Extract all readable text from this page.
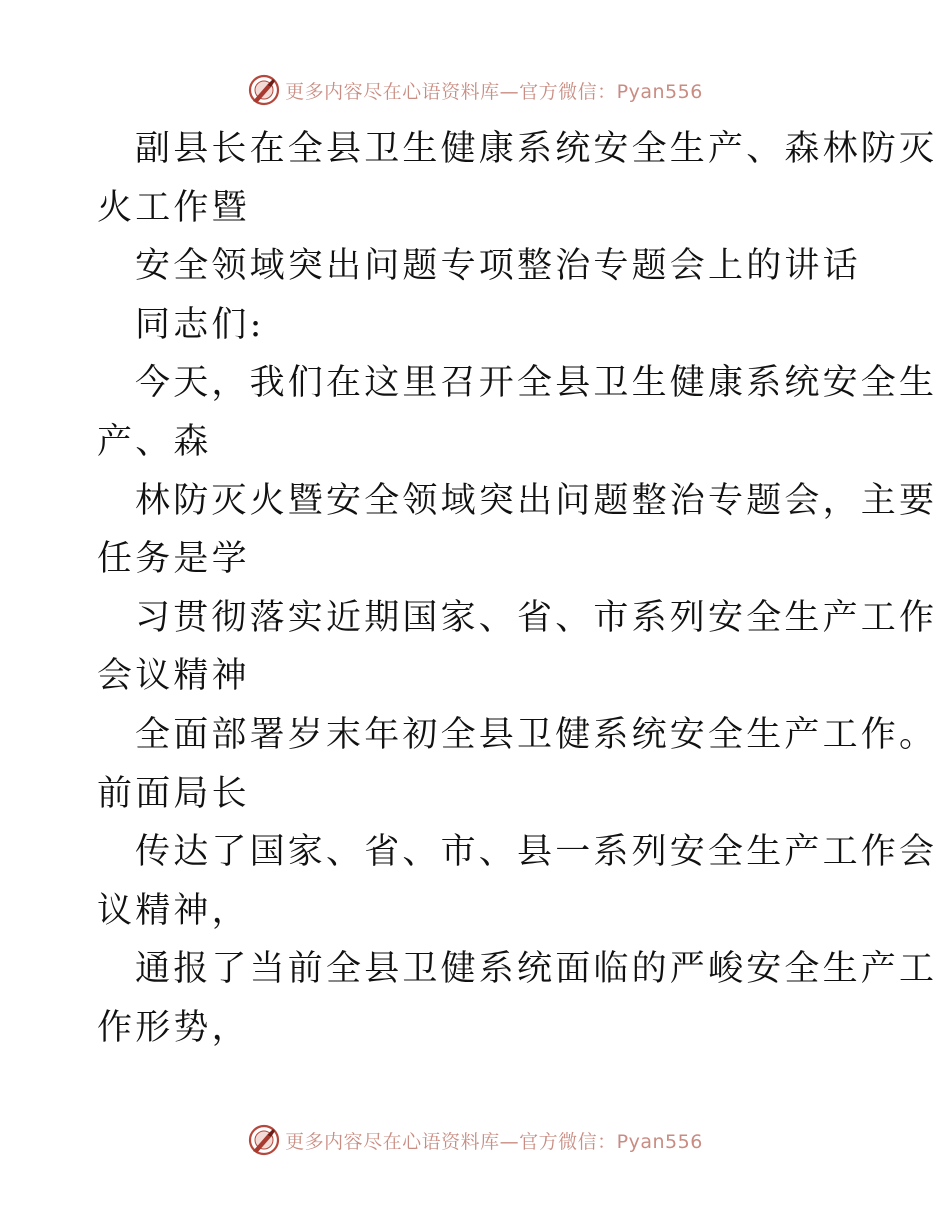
更多内容尽在心语资料库—官方微信：Pyan556
副县长在全县卫生健康系统安全生产、森林防灭
火工作暨
安全领域突出问题专项整治专题会上的讲话
同志们:
今天，我们在这里召开全县卫生健康系统安全生
产、森
林防灭火暨安全领域突出问题整治专题会，主要
任务是学
习贯彻落实近期国家、省、市系列安全生产工作
会议精神
全面部署岁末年初全县卫健系统安全生产工作。
前面局长
传达了国家、省、市、县一系列安全生产工作会
议精神，
通报了当前全县卫健系统面临的严峻安全生产工
作形势，
更多内容尽在心语资料库—官方微信：Pyan556
